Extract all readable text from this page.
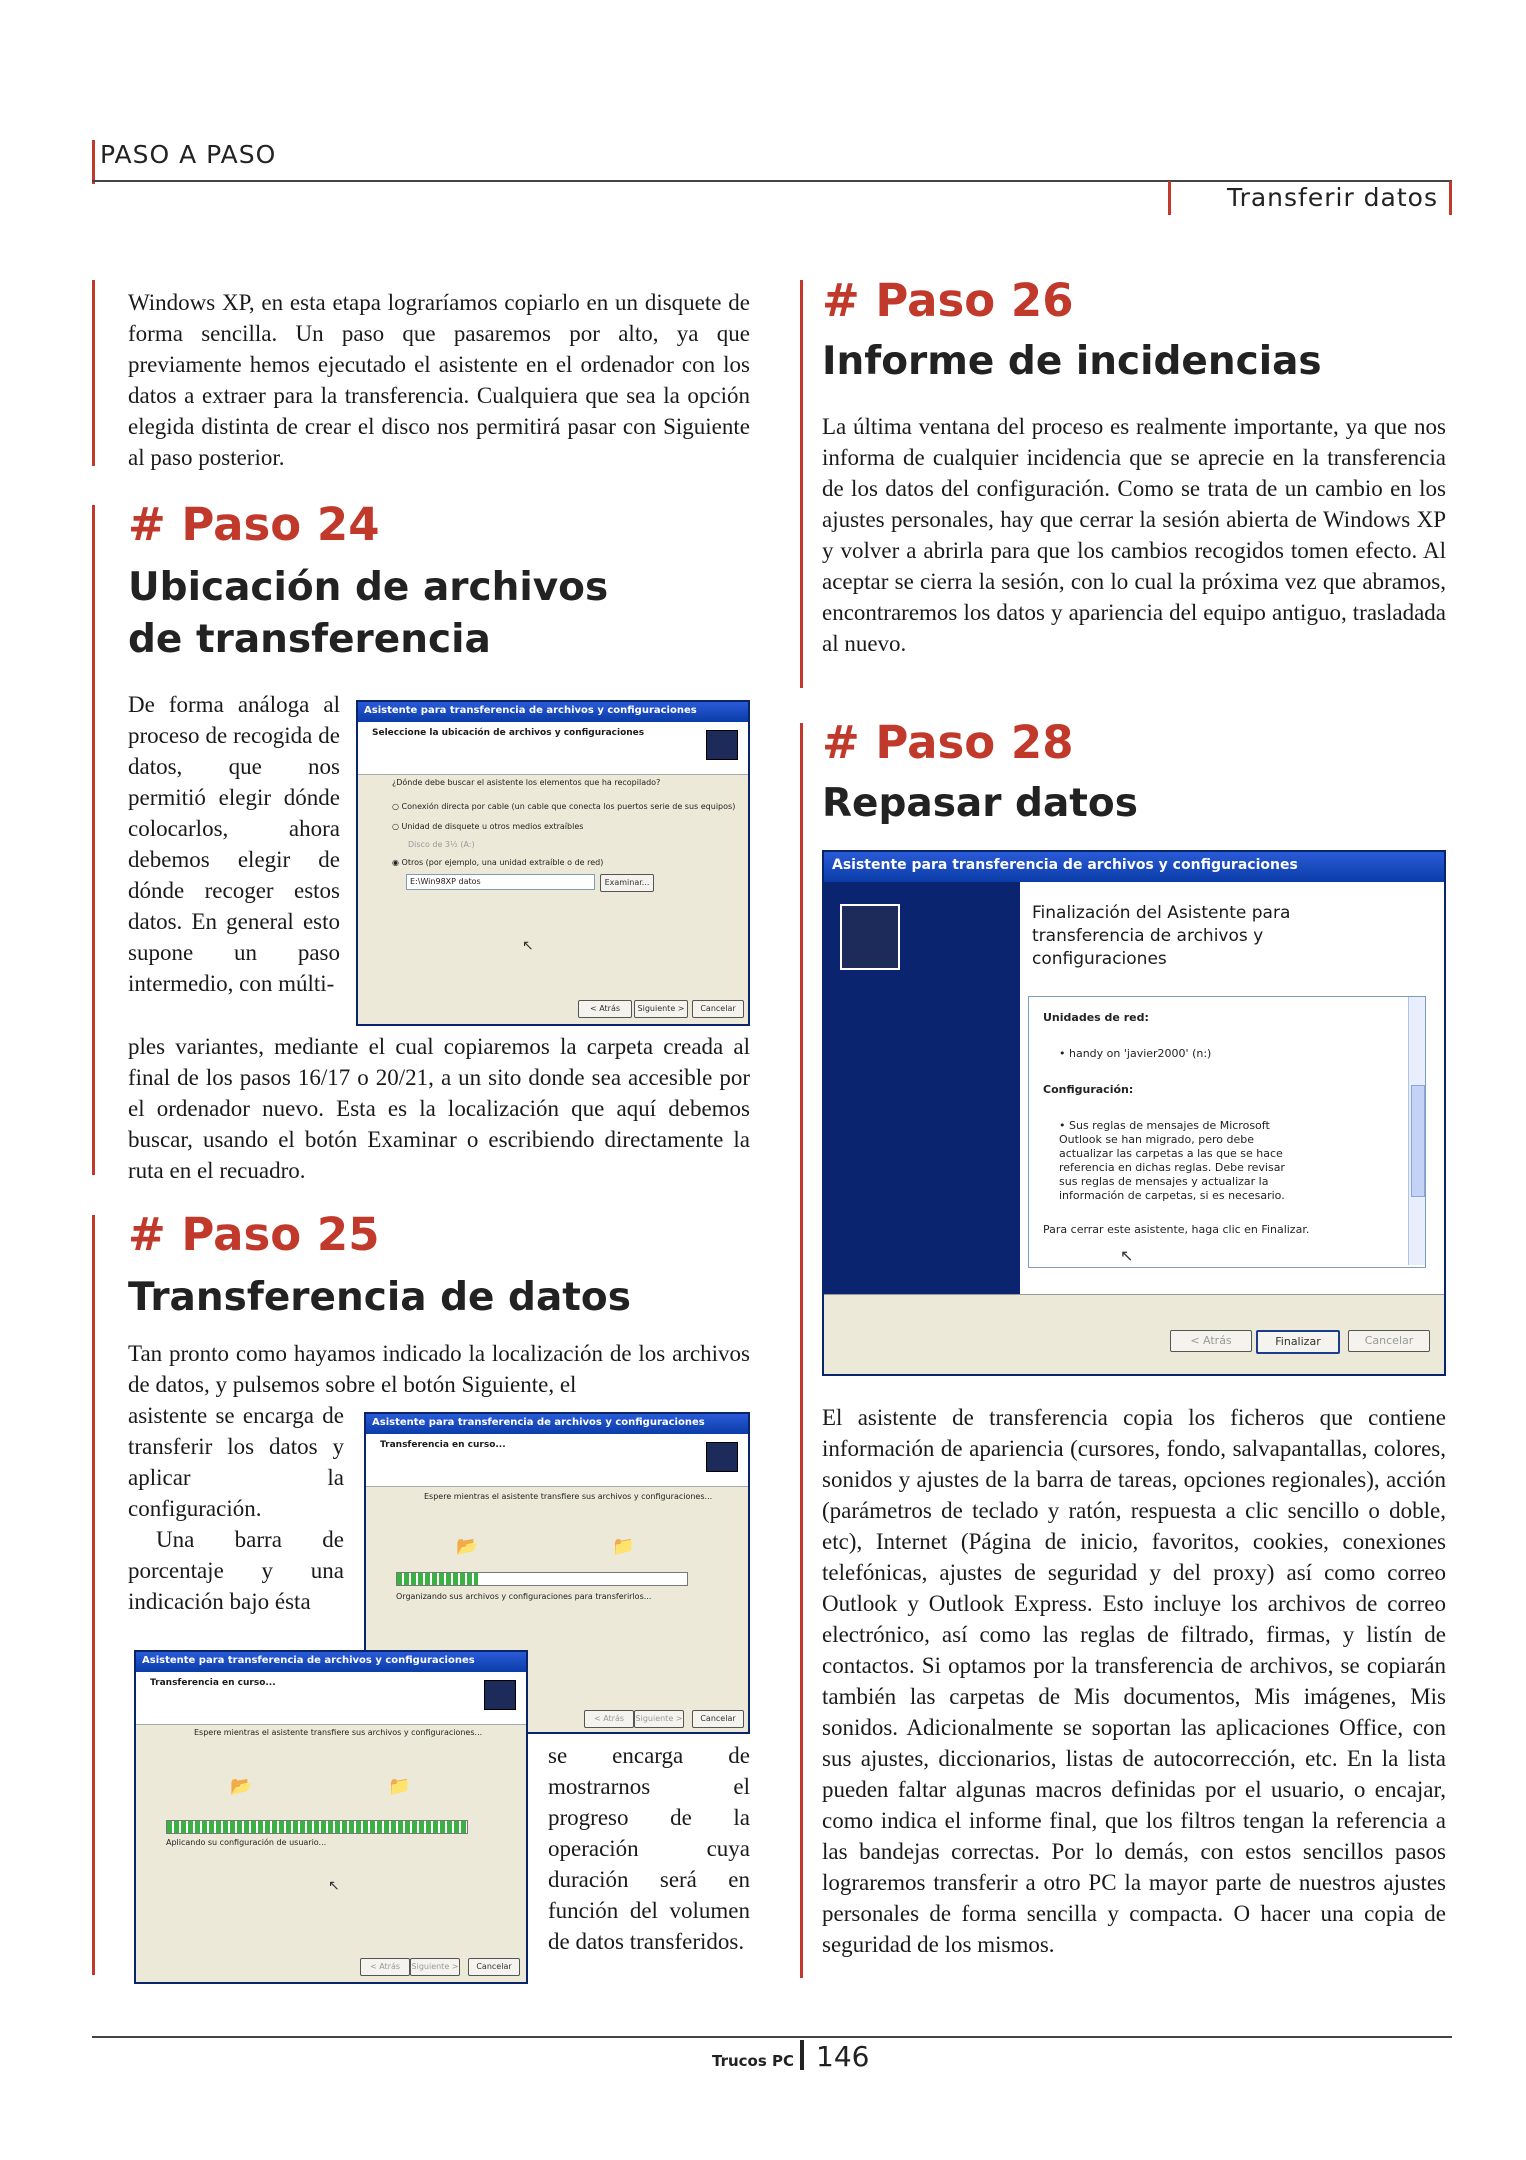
PASO A PASO
Transferir datos
Windows XP, en esta etapa lograríamos copiarlo en un disquete de forma sencilla. Un paso que pasaremos por alto, ya que previamente hemos ejecutado el asistente en el ordenador con los datos a extraer para la transferencia. Cualquiera que sea la opción elegida distinta de crear el disco nos permitirá pasar con Siguiente al paso posterior.
# Paso 24
Ubicación de archivos de transferencia
De forma análoga al proceso de recogida de datos, que nos permitió elegir dónde colocarlos, ahora debemos elegir de dónde recoger estos datos. En general esto supone un paso intermedio, con múlti-
ples variantes, mediante el cual copiaremos la carpeta creada al final de los pasos 16/17 o 20/21, a un sito donde sea accesible por el ordenador nuevo. Esta es la localización que aquí debemos buscar, usando el botón Examinar o escribiendo directamente la ruta en el recuadro.
Asistente para transferencia de archivos y configuraciones
Seleccione la ubicación de archivos y configuraciones
¿Dónde debe buscar el asistente los elementos que ha recopilado?
○ Conexión directa por cable (un cable que conecta los puertos serie de sus equipos)
○ Unidad de disquete u otros medios extraíbles
Disco de 3½ (A:)
◉ Otros (por ejemplo, una unidad extraíble o de red)
E:\Win98XP datos	Examinar...
↖
< Atrás	Siguiente >	Cancelar
# Paso 25
Transferencia de datos
Tan pronto como hayamos indicado la localización de los archivos de datos, y pulsemos sobre el botón Siguiente, el
asistente se encarga de transferir los datos y aplicar la configuración.
Una barra de porcentaje y una indicación bajo ésta
se encarga de mostrarnos el progreso de la operación cuya duración será en función del volumen de datos transferidos.
Asistente para transferencia de archivos y configuraciones
Transferencia en curso...
Espere mientras el asistente transfiere sus archivos y configuraciones...
📂	📁
Organizando sus archivos y configuraciones para transferirlos...
< Atrás	Siguiente >	Cancelar
Asistente para transferencia de archivos y configuraciones
Transferencia en curso...
Espere mientras el asistente transfiere sus archivos y configuraciones...
📂	📁
Aplicando su configuración de usuario...
↖
< Atrás	Siguiente >	Cancelar
# Paso 26
Informe de incidencias
La última ventana del proceso es realmente importante, ya que nos informa de cualquier incidencia que se aprecie en la transferencia de los datos del configuración. Como se trata de un cambio en los ajustes personales, hay que cerrar la sesión abierta de Windows XP y volver a abrirla para que los cambios recogidos tomen efecto. Al aceptar se cierra la sesión, con lo cual la próxima vez que abramos, encontraremos los datos y apariencia del equipo antiguo, trasladada al nuevo.
# Paso 28
Repasar datos
Asistente para transferencia de archivos y configuraciones
Finalización del Asistente para transferencia de archivos y configuraciones
Unidades de red:
• handy on 'javier2000' (n:)
Configuración:
• Sus reglas de mensajes de Microsoft Outlook se han migrado, pero debe actualizar las carpetas a las que se hace referencia en dichas reglas. Debe revisar sus reglas de mensajes y actualizar la información de carpetas, si es necesario.
Para cerrar este asistente, haga clic en Finalizar.
↖
< Atrás	Finalizar	Cancelar
El asistente de transferencia copia los ficheros que contiene información de apariencia (cursores, fondo, salvapantallas, colores, sonidos y ajustes de la barra de tareas, opciones regionales), acción (parámetros de teclado y ratón, respuesta a clic sencillo o doble, etc), Internet (Página de inicio, favoritos, cookies, conexiones telefónicas, ajustes de seguridad y del proxy) así como correo Outlook y Outlook Express. Esto incluye los archivos de correo electrónico, así como las reglas de filtrado, firmas, y listín de contactos. Si optamos por la transferencia de archivos, se copiarán también las carpetas de Mis documentos, Mis imágenes, Mis sonidos. Adicionalmente se soportan las aplicaciones Office, con sus ajustes, diccionarios, listas de autocorrección, etc. En la lista pueden faltar algunas macros definidas por el usuario, o encajar, como indica el informe final, que los filtros tengan la referencia a las bandejas correctas. Por lo demás, con estos sencillos pasos lograremos transferir a otro PC la mayor parte de nuestros ajustes personales de forma sencilla y compacta. O hacer una copia de seguridad de los mismos.
Trucos PC 146
